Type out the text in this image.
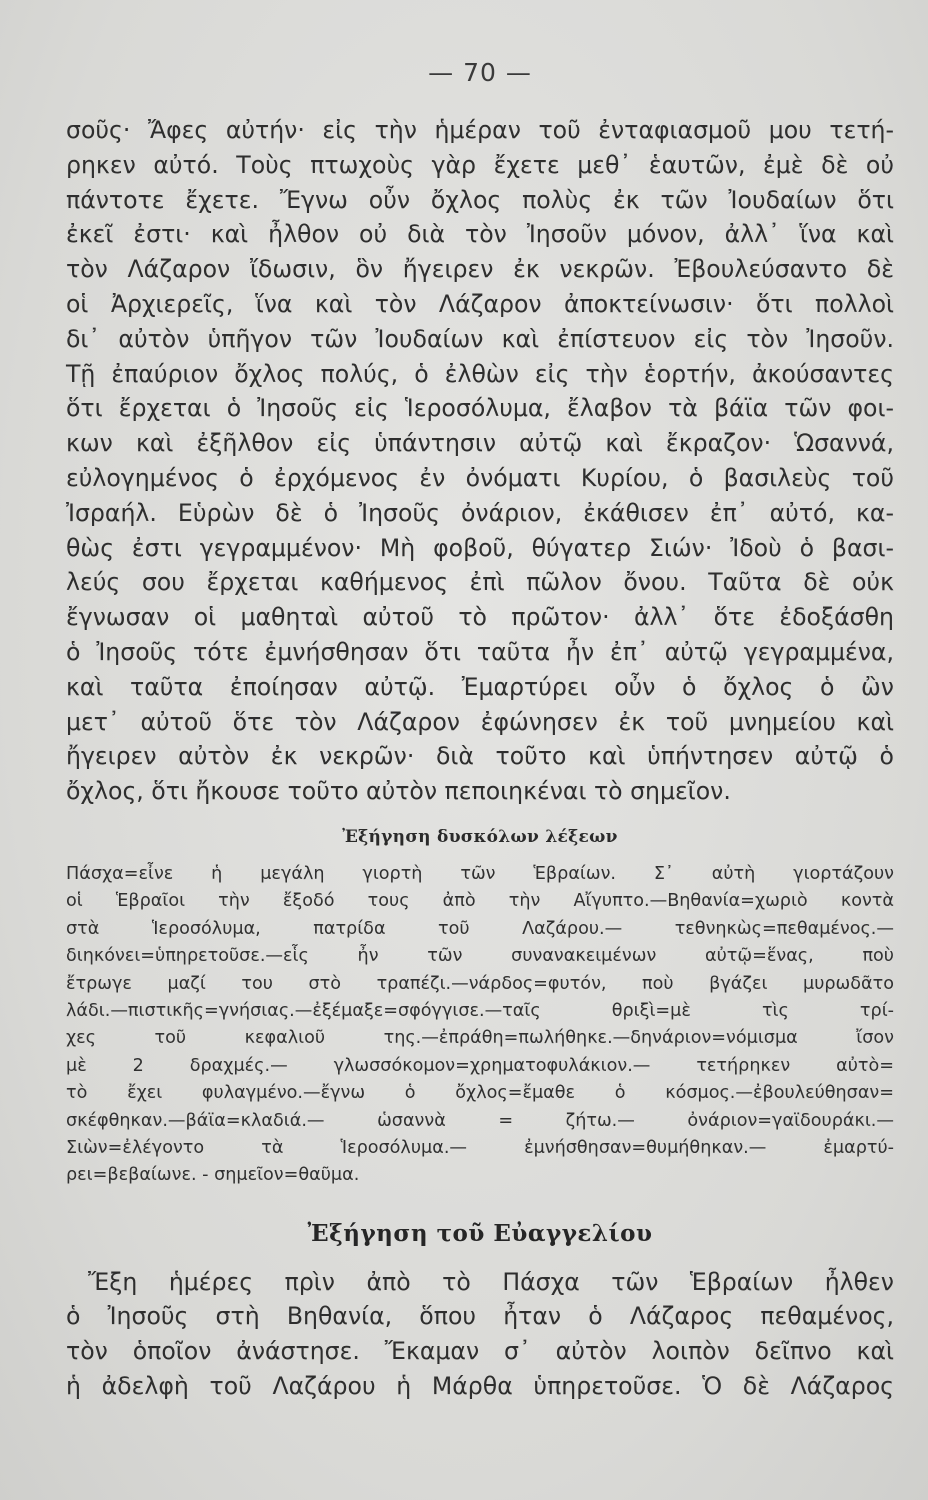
— 70 —
σοῦς· Ἄφες αὐτήν· εἰς τὴν ἡμέραν τοῦ ἐνταφιασμοῦ μου τετή-
ρηκεν αὐτό. Τοὺς πτωχοὺς γὰρ ἔχετε μεθ᾿ ἑαυτῶν, ἐμὲ δὲ οὐ
πάντοτε ἔχετε. Ἔγνω οὖν ὄχλος πολὺς ἐκ τῶν Ἰουδαίων ὅτι
ἐκεῖ ἐστι· καὶ ἦλθον οὐ διὰ τὸν Ἰησοῦν μόνον, ἀλλ᾿ ἵνα καὶ
τὸν Λάζαρον ἴδωσιν, ὃν ἤγειρεν ἐκ νεκρῶν. Ἐβουλεύσαντο δὲ
οἱ Ἀρχιερεῖς, ἵνα καὶ τὸν Λάζαρον ἀποκτείνωσιν· ὅτι πολλοὶ
δι᾿ αὐτὸν ὑπῆγον τῶν Ἰουδαίων καὶ ἐπίστευον εἰς τὸν Ἰησοῦν.
Τῇ ἐπαύριον ὄχλος πολύς, ὁ ἐλθὼν εἰς τὴν ἑορτήν, ἀκούσαντες
ὅτι ἔρχεται ὁ Ἰησοῦς εἰς Ἱεροσόλυμα, ἔλαβον τὰ βάϊα τῶν φοι-
κων καὶ ἐξῆλθον εἰς ὑπάντησιν αὐτῷ καὶ ἔκραζον· Ὡσαννά,
εὐλογημένος ὁ ἐρχόμενος ἐν ὀνόματι Κυρίου, ὁ βασιλεὺς τοῦ
Ἰσραήλ. Εὑρὼν δὲ ὁ Ἰησοῦς ὀνάριον, ἐκάθισεν ἐπ᾿ αὐτό, κα-
θὼς ἐστι γεγραμμένον· Μὴ φοβοῦ, θύγατερ Σιών· Ἰδοὺ ὁ βασι-
λεύς σου ἔρχεται καθήμενος ἐπὶ πῶλον ὄνου. Ταῦτα δὲ οὐκ
ἔγνωσαν οἱ μαθηταὶ αὐτοῦ τὸ πρῶτον· ἀλλ᾿ ὅτε ἐδοξάσθη
ὁ Ἰησοῦς τότε ἐμνήσθησαν ὅτι ταῦτα ἦν ἐπ᾿ αὐτῷ γεγραμμένα,
καὶ ταῦτα ἐποίησαν αὐτῷ. Ἐμαρτύρει οὖν ὁ ὄχλος ὁ ὢν
μετ᾿ αὐτοῦ ὅτε τὸν Λάζαρον ἐφώνησεν ἐκ τοῦ μνημείου καὶ
ἤγειρεν αὐτὸν ἐκ νεκρῶν· διὰ τοῦτο καὶ ὑπήντησεν αὐτῷ ὁ
ὄχλος, ὅτι ἤκουσε τοῦτο αὐτὸν πεποιηκέναι τὸ σημεῖον.
Ἐξήγηση δυσκόλων λέξεων
Πάσχα=εἶνε ἡ μεγάλη γιορτὴ τῶν Ἑβραίων. Σ᾿ αὐτὴ γιορτάζουν
οἱ Ἑβραῖοι τὴν ἔξοδό τους ἀπὸ τὴν Αἴγυπτο.—Βηθανία=χωριὸ κοντὰ
στὰ Ἱεροσόλυμα, πατρίδα τοῦ Λαζάρου.— τεθνηκὼς=πεθαμένος.—
διηκόνει=ὑπηρετοῦσε.—εἷς ἦν τῶν συνανακειμένων αὐτῷ=ἕνας, ποὺ
ἔτρωγε μαζί του στὸ τραπέζι.—νάρδος=φυτόν, ποὺ βγάζει μυρωδᾶτο
λάδι.—πιστικῆς=γνήσιας.—ἐξέμαξε=σφόγγισε.—ταῖς θριξὶ=μὲ τὶς τρί-
χες τοῦ κεφαλιοῦ της.—ἐπράθη=πωλήθηκε.—δηνάριον=νόμισμα ἴσον
μὲ 2 δραχμές.— γλωσσόκομον=χρηματοφυλάκιον.— τετήρηκεν αὐτὸ=
τὸ ἔχει φυλαγμένο.—ἔγνω ὁ ὄχλος=ἔμαθε ὁ κόσμος.—ἐβουλεύθησαν=
σκέφθηκαν.—βάϊα=κλαδιά.— ὡσαννὰ = ζήτω.— ὀνάριον=γαϊδουράκι.—
Σιὼν=ἐλέγοντο τὰ Ἱεροσόλυμα.— ἐμνήσθησαν=θυμήθηκαν.— ἐμαρτύ-
ρει=βεβαίωνε. - σημεῖον=θαῦμα.
Ἐξήγηση τοῦ Εὐαγγελίου
Ἔξη ἡμέρες πρὶν ἀπὸ τὸ Πάσχα τῶν Ἑβραίων ἦλθεν
ὁ Ἰησοῦς στὴ Βηθανία, ὅπου ἦταν ὁ Λάζαρος πεθαμένος,
τὸν ὁποῖον ἀνάστησε. Ἔκαμαν σ᾿ αὐτὸν λοιπὸν δεῖπνο καὶ
ἡ ἀδελφὴ τοῦ Λαζάρου ἡ Μάρθα ὑπηρετοῦσε. Ὁ δὲ Λάζαρος
